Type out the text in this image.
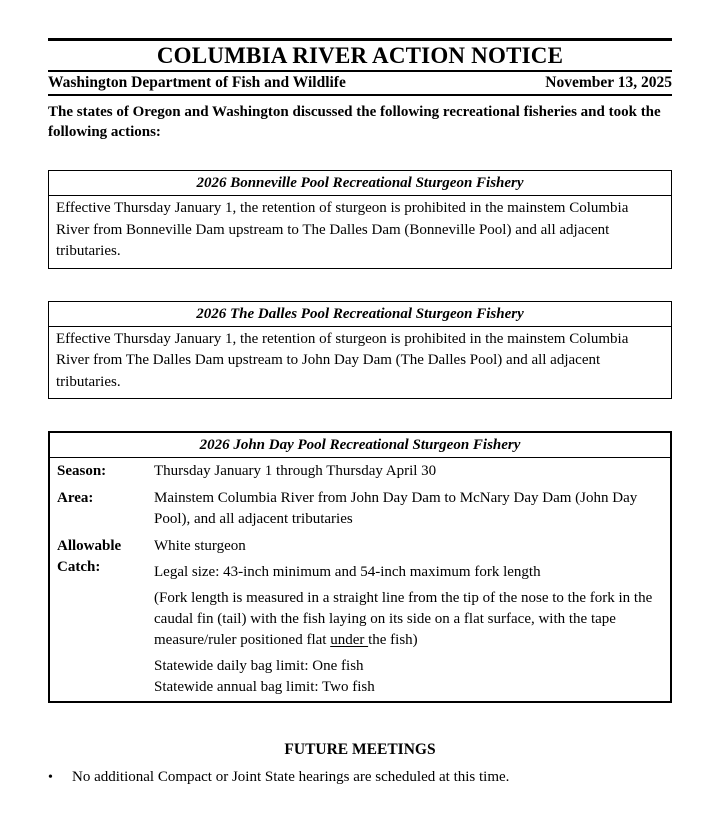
COLUMBIA RIVER ACTION NOTICE
Washington Department of Fish and Wildlife	November 13, 2025

The states of Oregon and Washington discussed the following recreational fisheries and took the following actions:

2026 Bonneville Pool Recreational Sturgeon Fishery

Effective Thursday January 1, the retention of sturgeon is prohibited in the mainstem Columbia River from Bonneville Dam upstream to The Dalles Dam (Bonneville Pool) and all adjacent tributaries.

2026 The Dalles Pool Recreational Sturgeon Fishery

Effective Thursday January 1, the retention of sturgeon is prohibited in the mainstem Columbia River from The Dalles Dam upstream to John Day Dam (The Dalles Pool) and all adjacent tributaries.

2026 John Day Pool Recreational Sturgeon Fishery
Season:	Thursday January 1 through Thursday April 30
Area:	Mainstem Columbia River from John Day Dam to McNary Day Dam (John Day Pool), and all adjacent tributaries
Allowable Catch:

White sturgeon

Legal size: 43-inch minimum and 54-inch maximum fork length

(Fork length is measured in a straight line from the tip of the nose to the fork in the caudal fin (tail) with the fish laying on its side on a flat surface, with the tape measure/ruler positioned flat under the fish)

Statewide daily bag limit: One fish

Statewide annual bag limit: Two fish

FUTURE MEETINGS

•	No additional Compact or Joint State hearings are scheduled at this time.
